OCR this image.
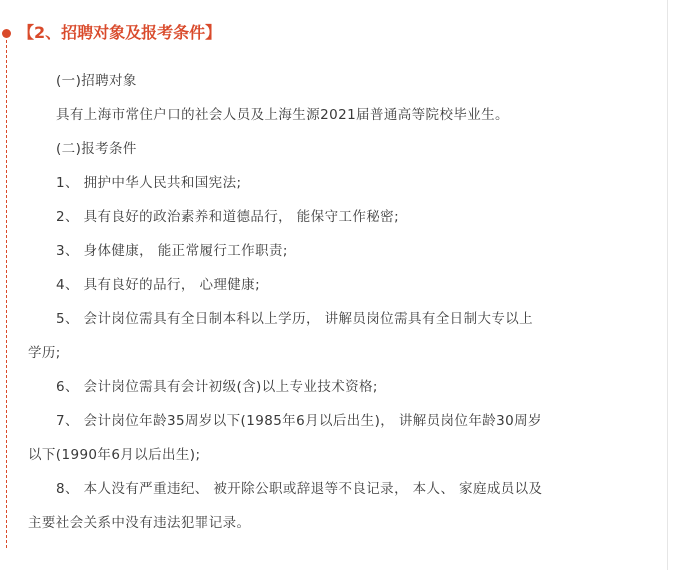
【2、招聘对象及报考条件】
(一)招聘对象
具有上海市常住户口的社会人员及上海生源2021届普通高等院校毕业生。
(二)报考条件
1、 拥护中华人民共和国宪法;
2、 具有良好的政治素养和道德品行， 能保守工作秘密;
3、 身体健康， 能正常履行工作职责;
4、 具有良好的品行， 心理健康;
5、 会计岗位需具有全日制本科以上学历， 讲解员岗位需具有全日制大专以上
学历;
6、 会计岗位需具有会计初级(含)以上专业技术资格;
7、 会计岗位年龄35周岁以下(1985年6月以后出生)， 讲解员岗位年龄30周岁
以下(1990年6月以后出生);
8、 本人没有严重违纪、 被开除公职或辞退等不良记录， 本人、 家庭成员以及
主要社会关系中没有违法犯罪记录。
